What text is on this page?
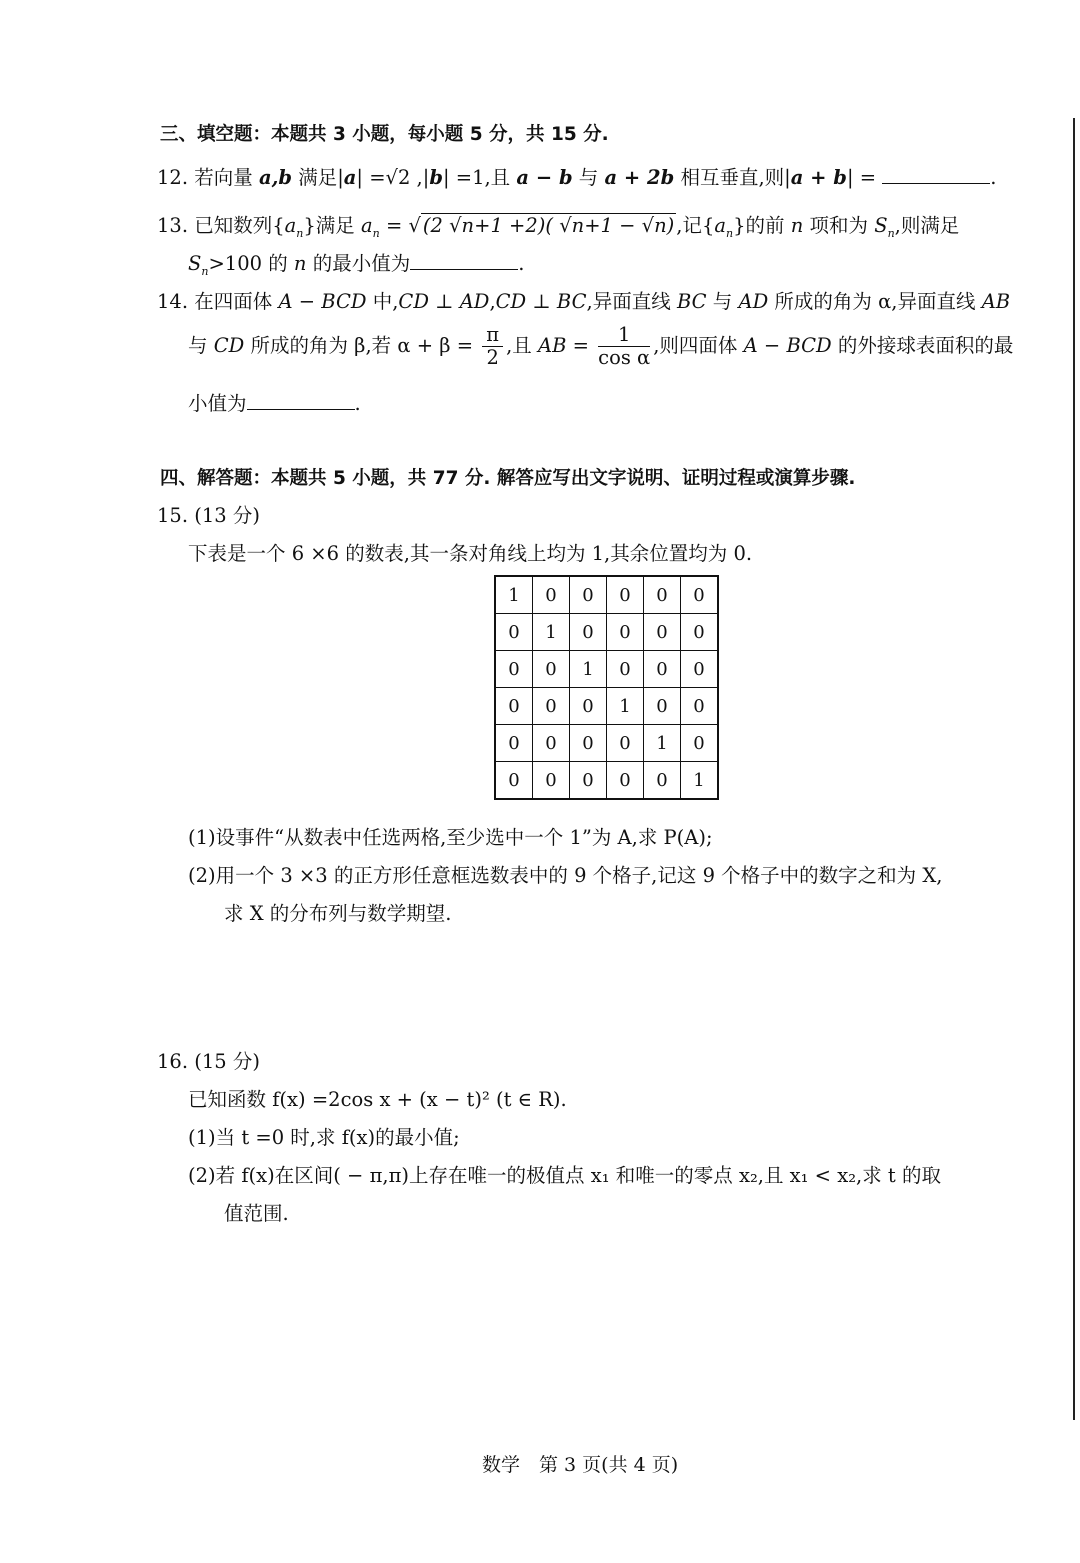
三、填空题：本题共 3 小题，每小题 5 分，共 15 分.
12. 若向量 a,b 满足|a| =√2 ,|b| =1,且 a − b 与 a + 2b 相互垂直,则|a + b| =	.
13. 已知数列$\{a_n\}$满足 $a_n$ = √ (2 √n+1 +2)( √n+1 − √n) ,记$\{a_n\}$的前 n 项和为 $S_n$,则满足
$S_n>100$ 的 n 的最小值为	.
14. 在四面体 A − BCD 中,CD ⊥ AD,CD ⊥ BC,异面直线 BC 与 AD 所成的角为 α,异面直线 AB
与 CD 所成的角为 β,若 $\alpha + \beta = \frac{\pi}{2}$ ,且 AB = $\frac{1}{\text{cos α}}$ ,则四面体 A − BCD 的外接球表面积的最
小值为	.
四、解答题：本题共 5 小题，共 77 分. 解答应写出文字说明、证明过程或演算步骤.
15. (13 分)
下表是一个 6 ×6 的数表,其一条对角线上均为 1,其余位置均为 0.
1	0	0	0	0	0
0	1	0	0	0	0
0	0	1	0	0	0
0	0	0	1	0	0
0	0	0	0	1	0
0	0	0	0	0	1
(1)设事件“从数表中任选两格,至少选中一个 1”为 A,求 P(A);
(2)用一个 3 ×3 的正方形任意框选数表中的 9 个格子,记这 9 个格子中的数字之和为 X,
求 X 的分布列与数学期望.
16. (15 分)
已知函数 f(x) =2cos x + (x − t)² (t ∈ R).
(1)当 t =0 时,求 f(x)的最小值;
(2)若 f(x)在区间( − π,π)上存在唯一的极值点 x₁ 和唯一的零点 x₂,且 x₁ < x₂,求 t 的取
值范围.
数学　第 3 页(共 4 页)
